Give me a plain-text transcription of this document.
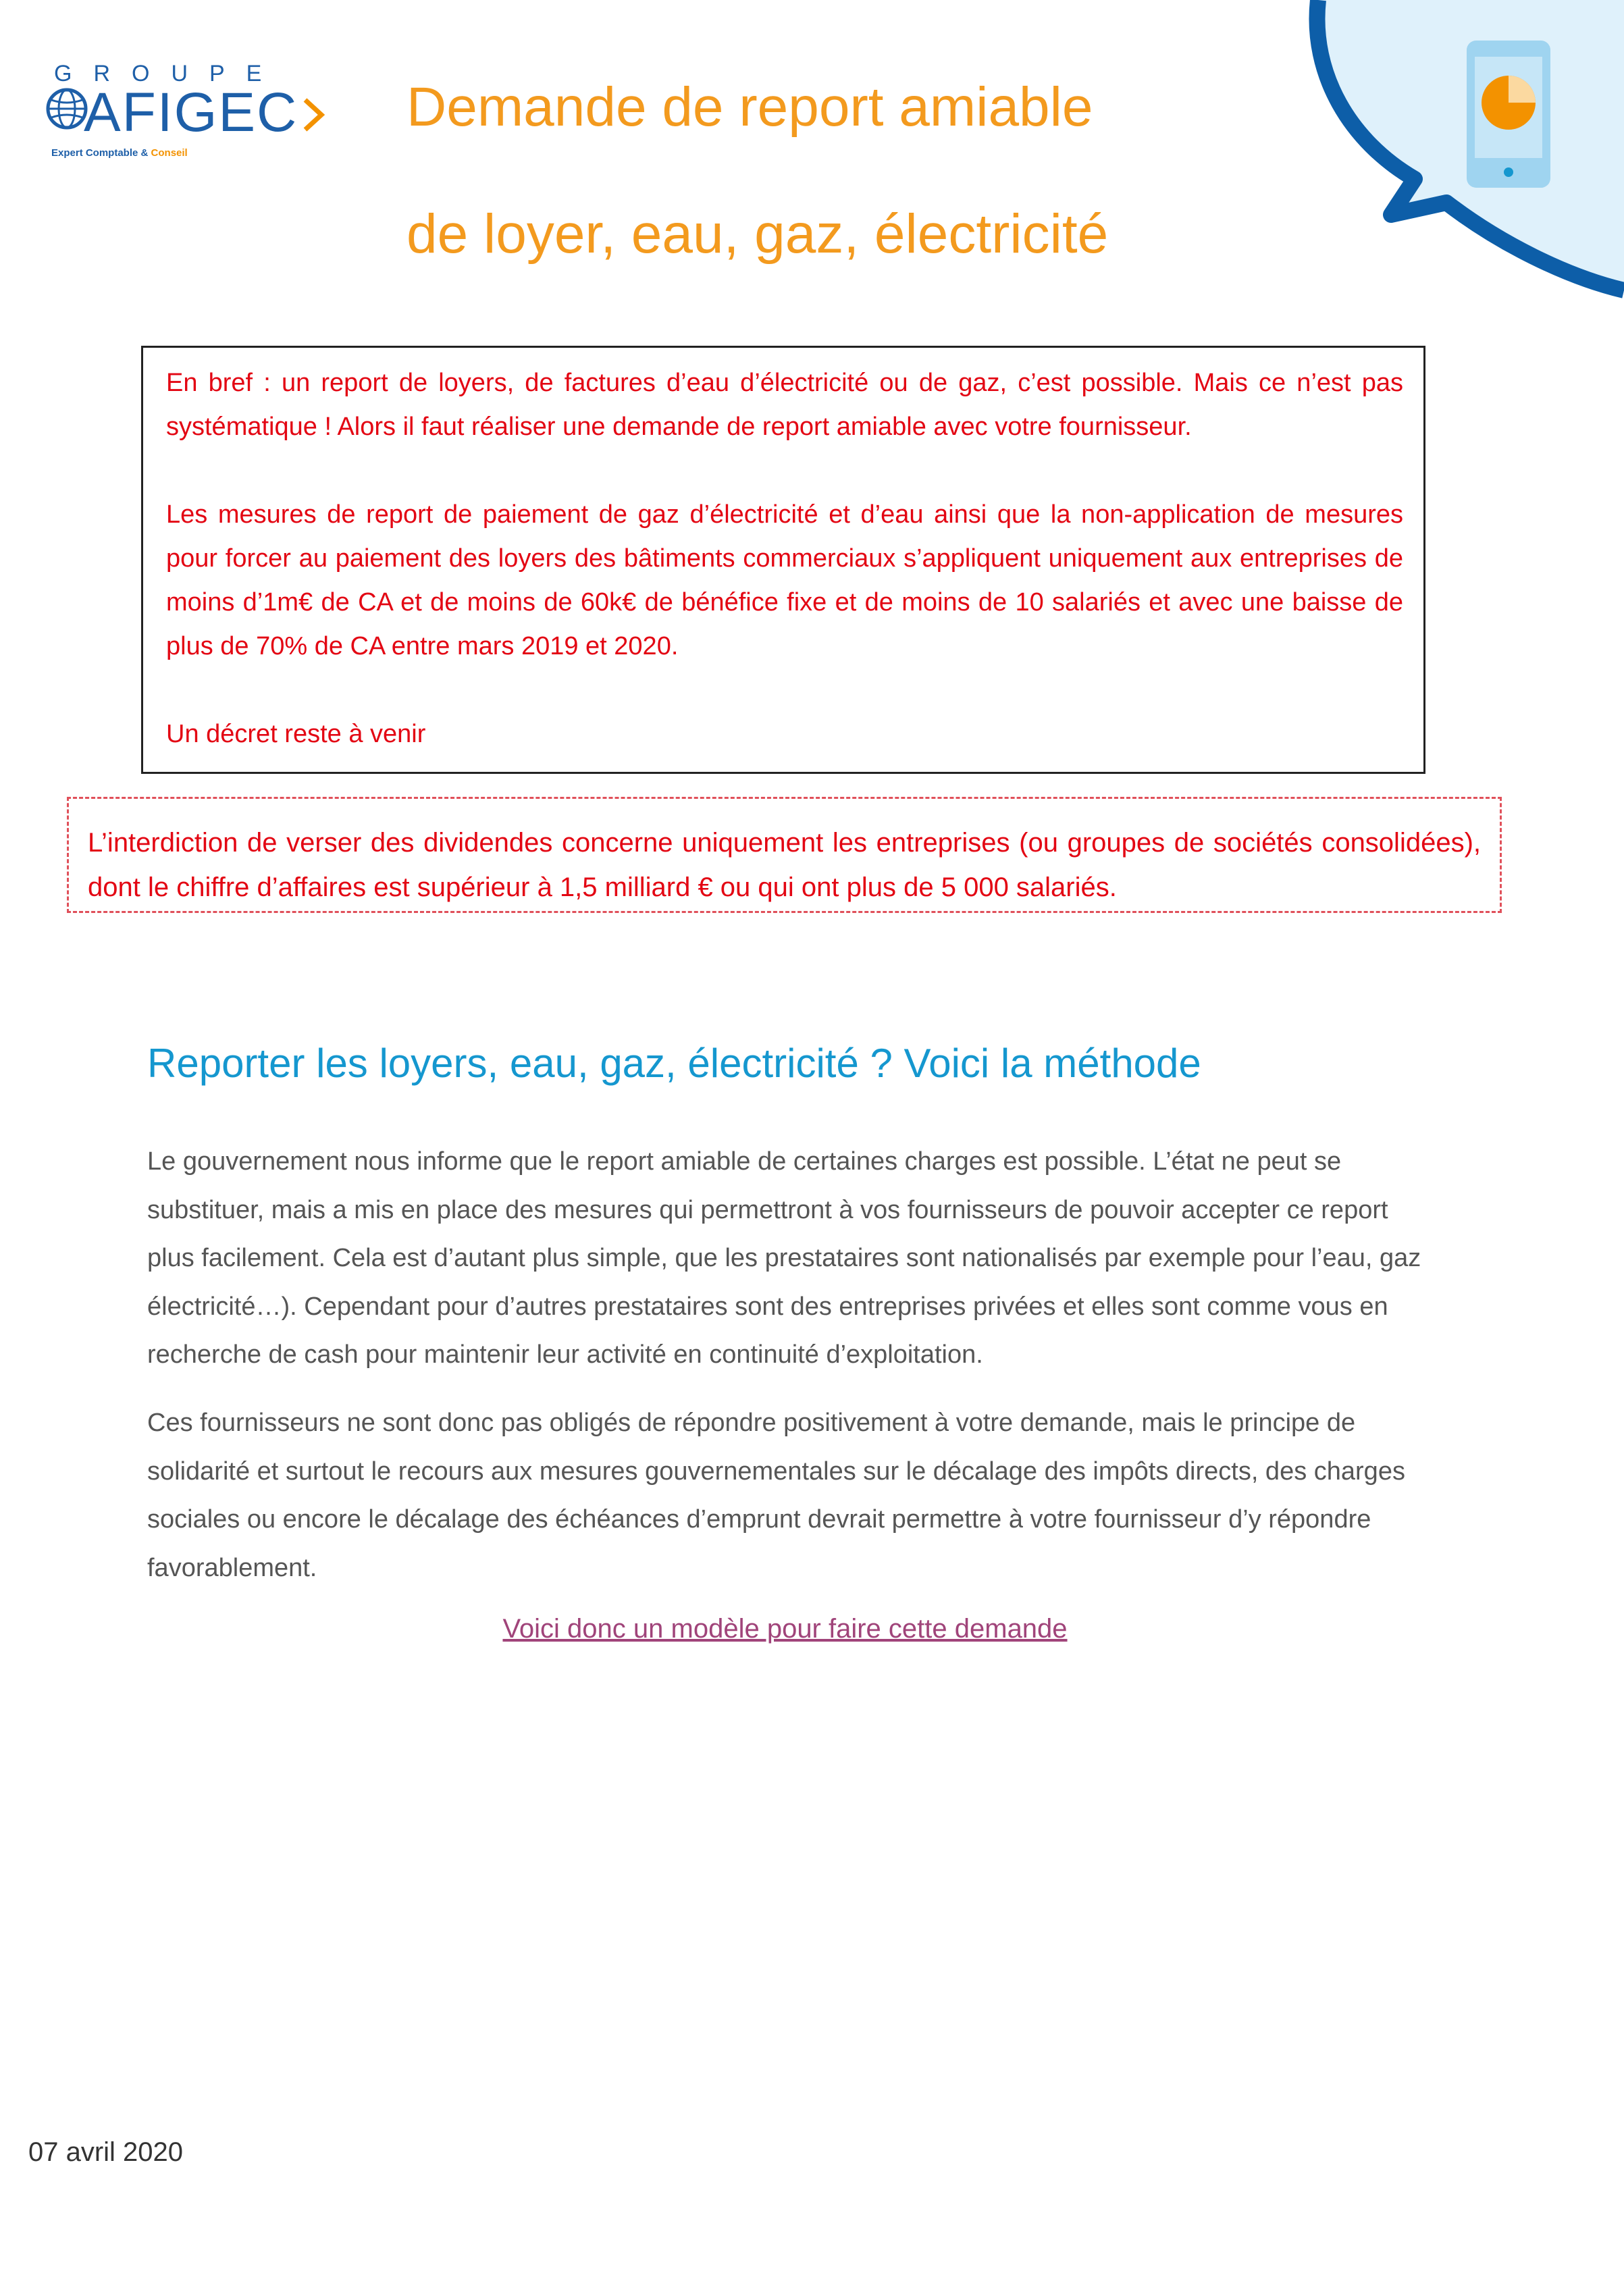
GROUPE
AFIGEC
Expert Comptable & Conseil
Demande de report amiable
de loyer, eau, gaz, électricité

En bref : un report de loyers, de factures d’eau d’électricité ou de gaz, c’est possible. Mais ce n’est pas systématique ! Alors il faut réaliser une demande de report amiable avec votre fournisseur.

Les mesures de report de paiement de gaz d’électricité et d’eau ainsi que la non-application de mesures pour forcer au paiement des loyers des bâtiments commerciaux s’appliquent uniquement aux entreprises de moins d’1m€ de CA et de moins de 60k€ de bénéfice fixe et de moins de 10 salariés et avec une baisse de plus de 70% de CA entre mars 2019 et 2020.

Un décret reste à venir

L’interdiction de verser des dividendes concerne uniquement les entreprises (ou groupes de sociétés consolidées), dont le chiffre d’affaires est supérieur à 1,5 milliard € ou qui ont plus de 5 000 salariés.

Reporter les loyers, eau, gaz, électricité ? Voici la méthode

Le gouvernement nous informe que le report amiable de certaines charges est possible. L’état ne peut se substituer, mais a mis en place des mesures qui permettront à vos fournisseurs de pouvoir accepter ce report plus facilement. Cela est d’autant plus simple, que les prestataires sont nationalisés par exemple pour l’eau, gaz électricité…). Cependant pour d’autres prestataires sont des entreprises privées et elles sont comme vous en recherche de cash pour maintenir leur activité en continuité d’exploitation.

Ces fournisseurs ne sont donc pas obligés de répondre positivement à votre demande, mais le principe de solidarité et surtout le recours aux mesures gouvernementales sur le décalage des impôts directs, des charges sociales ou encore le décalage des échéances d’emprunt devrait permettre à votre fournisseur d’y répondre favorablement.

Voici donc un modèle pour faire cette demande
07 avril 2020
